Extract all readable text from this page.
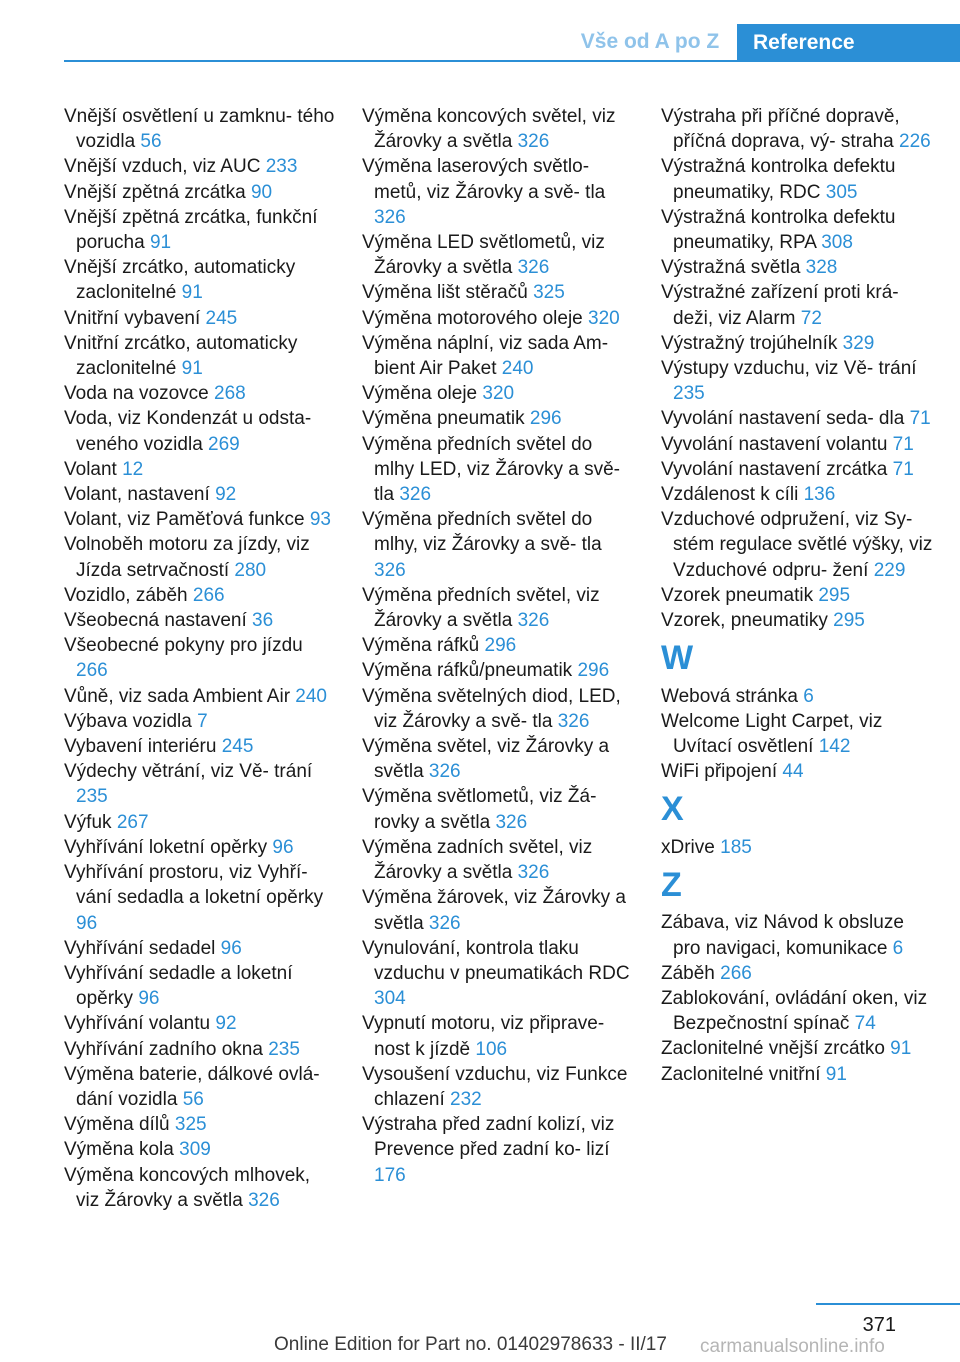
Vše od A po Z	Reference
Vnější osvětlení u zamknu- tého vozidla 56
Vnější vzduch, viz AUC 233
Vnější zpětná zrcátka 90
Vnější zpětná zrcátka, funkční porucha 91
Vnější zrcátko, automaticky zaclonitelné 91
Vnitřní vybavení 245
Vnitřní zrcátko, automaticky zaclonitelné 91
Voda na vozovce 268
Voda, viz Kondenzát u odsta- veného vozidla 269
Volant 12
Volant, nastavení 92
Volant, viz Paměťová funkce 93
Volnoběh motoru za jízdy, viz Jízda setrvačností 280
Vozidlo, záběh 266
Všeobecná nastavení 36
Všeobecné pokyny pro jízdu 266
Vůně, viz sada Ambient Air 240
Výbava vozidla 7
Vybavení interiéru 245
Výdechy větrání, viz Vě- trání 235
Výfuk 267
Vyhřívání loketní opěrky 96
Vyhřívání prostoru, viz Vyhří- vání sedadla a loketní opěrky 96
Vyhřívání sedadel 96
Vyhřívání sedadle a loketní opěrky 96
Vyhřívání volantu 92
Vyhřívání zadního okna 235
Výměna baterie, dálkové ovlá- dání vozidla 56
Výměna dílů 325
Výměna kola 309
Výměna koncových mlhovek, viz Žárovky a světla 326
Výměna koncových světel, viz Žárovky a světla 326
Výměna laserových světlo- metů, viz Žárovky a svě- tla 326
Výměna LED světlometů, viz Žárovky a světla 326
Výměna lišt stěračů 325
Výměna motorového oleje 320
Výměna náplní, viz sada Am- bient Air Paket 240
Výměna oleje 320
Výměna pneumatik 296
Výměna předních světel do mlhy LED, viz Žárovky a svě- tla 326
Výměna předních světel do mlhy, viz Žárovky a svě- tla 326
Výměna předních světel, viz Žárovky a světla 326
Výměna ráfků 296
Výměna ráfků/pneumatik 296
Výměna světelných diod, LED, viz Žárovky a svě- tla 326
Výměna světel, viz Žárovky a světla 326
Výměna světlometů, viz Žá- rovky a světla 326
Výměna zadních světel, viz Žárovky a světla 326
Výměna žárovek, viz Žárovky a světla 326
Vynulování, kontrola tlaku vzduchu v pneumatikách RDC 304
Vypnutí motoru, viz připrave- nost k jízdě 106
Vysoušení vzduchu, viz Funkce chlazení 232
Výstraha před zadní kolizí, viz Prevence před zadní ko- lizí 176
Výstraha při příčné dopravě, příčná doprava, vý- straha 226
Výstražná kontrolka defektu pneumatiky, RDC 305
Výstražná kontrolka defektu pneumatiky, RPA 308
Výstražná světla 328
Výstražné zařízení proti krá- deži, viz Alarm 72
Výstražný trojúhelník 329
Výstupy vzduchu, viz Vě- trání 235
Vyvolání nastavení seda- dla 71
Vyvolání nastavení volantu 71
Vyvolání nastavení zrcátka 71
Vzdálenost k cíli 136
Vzduchové odpružení, viz Sy- stém regulace světlé výšky, viz Vzduchové odpru- žení 229
Vzorek pneumatik 295
Vzorek, pneumatiky 295
W
Webová stránka 6
Welcome Light Carpet, viz Uvítací osvětlení 142
WiFi připojení 44
X
xDrive 185
Z
Zábava, viz Návod k obsluze pro navigaci, komunikace 6
Záběh 266
Zablokování, ovládání oken, viz Bezpečnostní spínač 74
Zaclonitelné vnější zrcátko 91
Zaclonitelné vnitřní 91
371
Online Edition for Part no. 01402978633 - II/17 carmanualsonline.info
